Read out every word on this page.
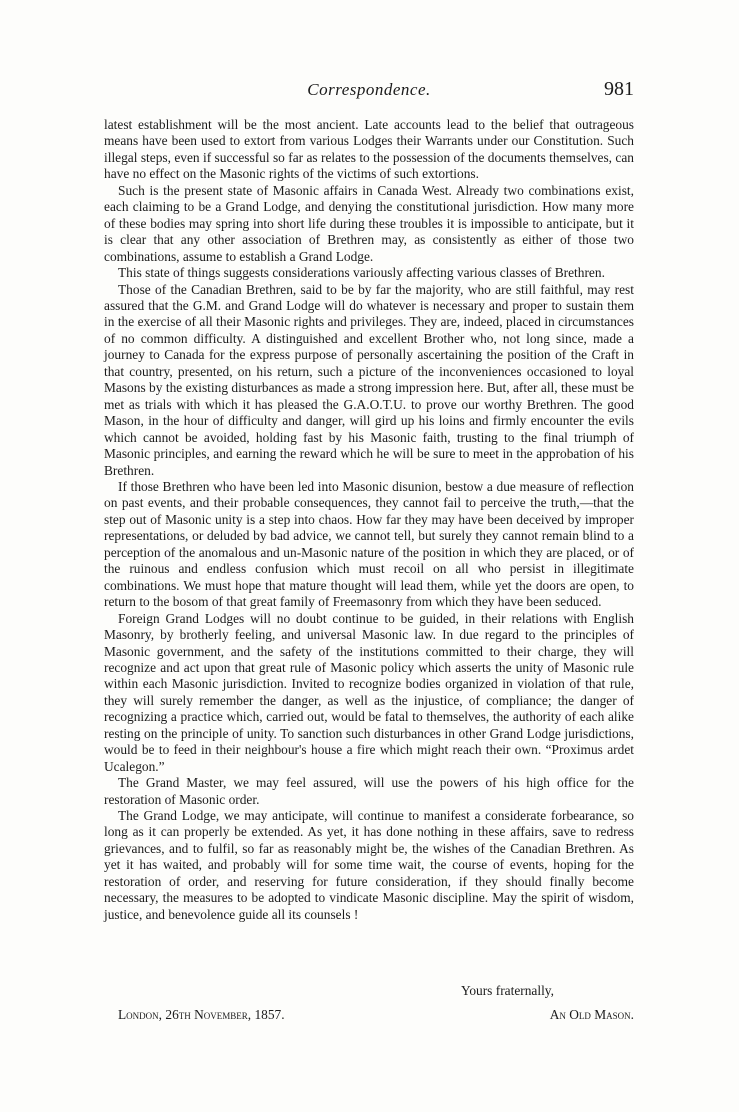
Correspondence.	981

latest establishment will be the most ancient. Late accounts lead to the belief that outrageous means have been used to extort from various Lodges their Warrants under our Constitution. Such illegal steps, even if successful so far as relates to the possession of the documents themselves, can have no effect on the Masonic rights of the victims of such extortions.

Such is the present state of Masonic affairs in Canada West. Already two combinations exist, each claiming to be a Grand Lodge, and denying the constitutional jurisdiction. How many more of these bodies may spring into short life during these troubles it is impossible to anticipate, but it is clear that any other association of Brethren may, as consistently as either of those two combinations, assume to establish a Grand Lodge.

This state of things suggests considerations variously affecting various classes of Brethren.

Those of the Canadian Brethren, said to be by far the majority, who are still faithful, may rest assured that the G.M. and Grand Lodge will do whatever is necessary and proper to sustain them in the exercise of all their Masonic rights and privileges. They are, indeed, placed in circumstances of no common difficulty. A distinguished and excellent Brother who, not long since, made a journey to Canada for the express purpose of personally ascertaining the position of the Craft in that country, presented, on his return, such a picture of the inconveniences occasioned to loyal Masons by the existing disturbances as made a strong impression here. But, after all, these must be met as trials with which it has pleased the G.A.O.T.U. to prove our worthy Brethren. The good Mason, in the hour of difficulty and danger, will gird up his loins and firmly encounter the evils which cannot be avoided, holding fast by his Masonic faith, trusting to the final triumph of Masonic principles, and earning the reward which he will be sure to meet in the approbation of his Brethren.

If those Brethren who have been led into Masonic disunion, bestow a due measure of reflection on past events, and their probable consequences, they cannot fail to perceive the truth,—that the step out of Masonic unity is a step into chaos. How far they may have been deceived by improper representations, or deluded by bad advice, we cannot tell, but surely they cannot remain blind to a perception of the anomalous and un-Masonic nature of the position in which they are placed, or of the ruinous and endless confusion which must recoil on all who persist in illegitimate combinations. We must hope that mature thought will lead them, while yet the doors are open, to return to the bosom of that great family of Freemasonry from which they have been seduced.

Foreign Grand Lodges will no doubt continue to be guided, in their relations with English Masonry, by brotherly feeling, and universal Masonic law. In due regard to the principles of Masonic government, and the safety of the institutions committed to their charge, they will recognize and act upon that great rule of Masonic policy which asserts the unity of Masonic rule within each Masonic jurisdiction. Invited to recognize bodies organized in violation of that rule, they will surely remember the danger, as well as the injustice, of compliance; the danger of recognizing a practice which, carried out, would be fatal to themselves, the authority of each alike resting on the principle of unity. To sanction such disturbances in other Grand Lodge jurisdictions, would be to feed in their neighbour's house a fire which might reach their own. “Proximus ardet Ucalegon.”

The Grand Master, we may feel assured, will use the powers of his high office for the restoration of Masonic order.

The Grand Lodge, we may anticipate, will continue to manifest a considerate forbearance, so long as it can properly be extended. As yet, it has done nothing in these affairs, save to redress grievances, and to fulfil, so far as reasonably might be, the wishes of the Canadian Brethren. As yet it has waited, and probably will for some time wait, the course of events, hoping for the restoration of order, and reserving for future consideration, if they should finally become necessary, the measures to be adopted to vindicate Masonic discipline. May the spirit of wisdom, justice, and benevolence guide all its counsels !

Yours fraternally,
London, 26th November, 1857.	An Old Mason.
